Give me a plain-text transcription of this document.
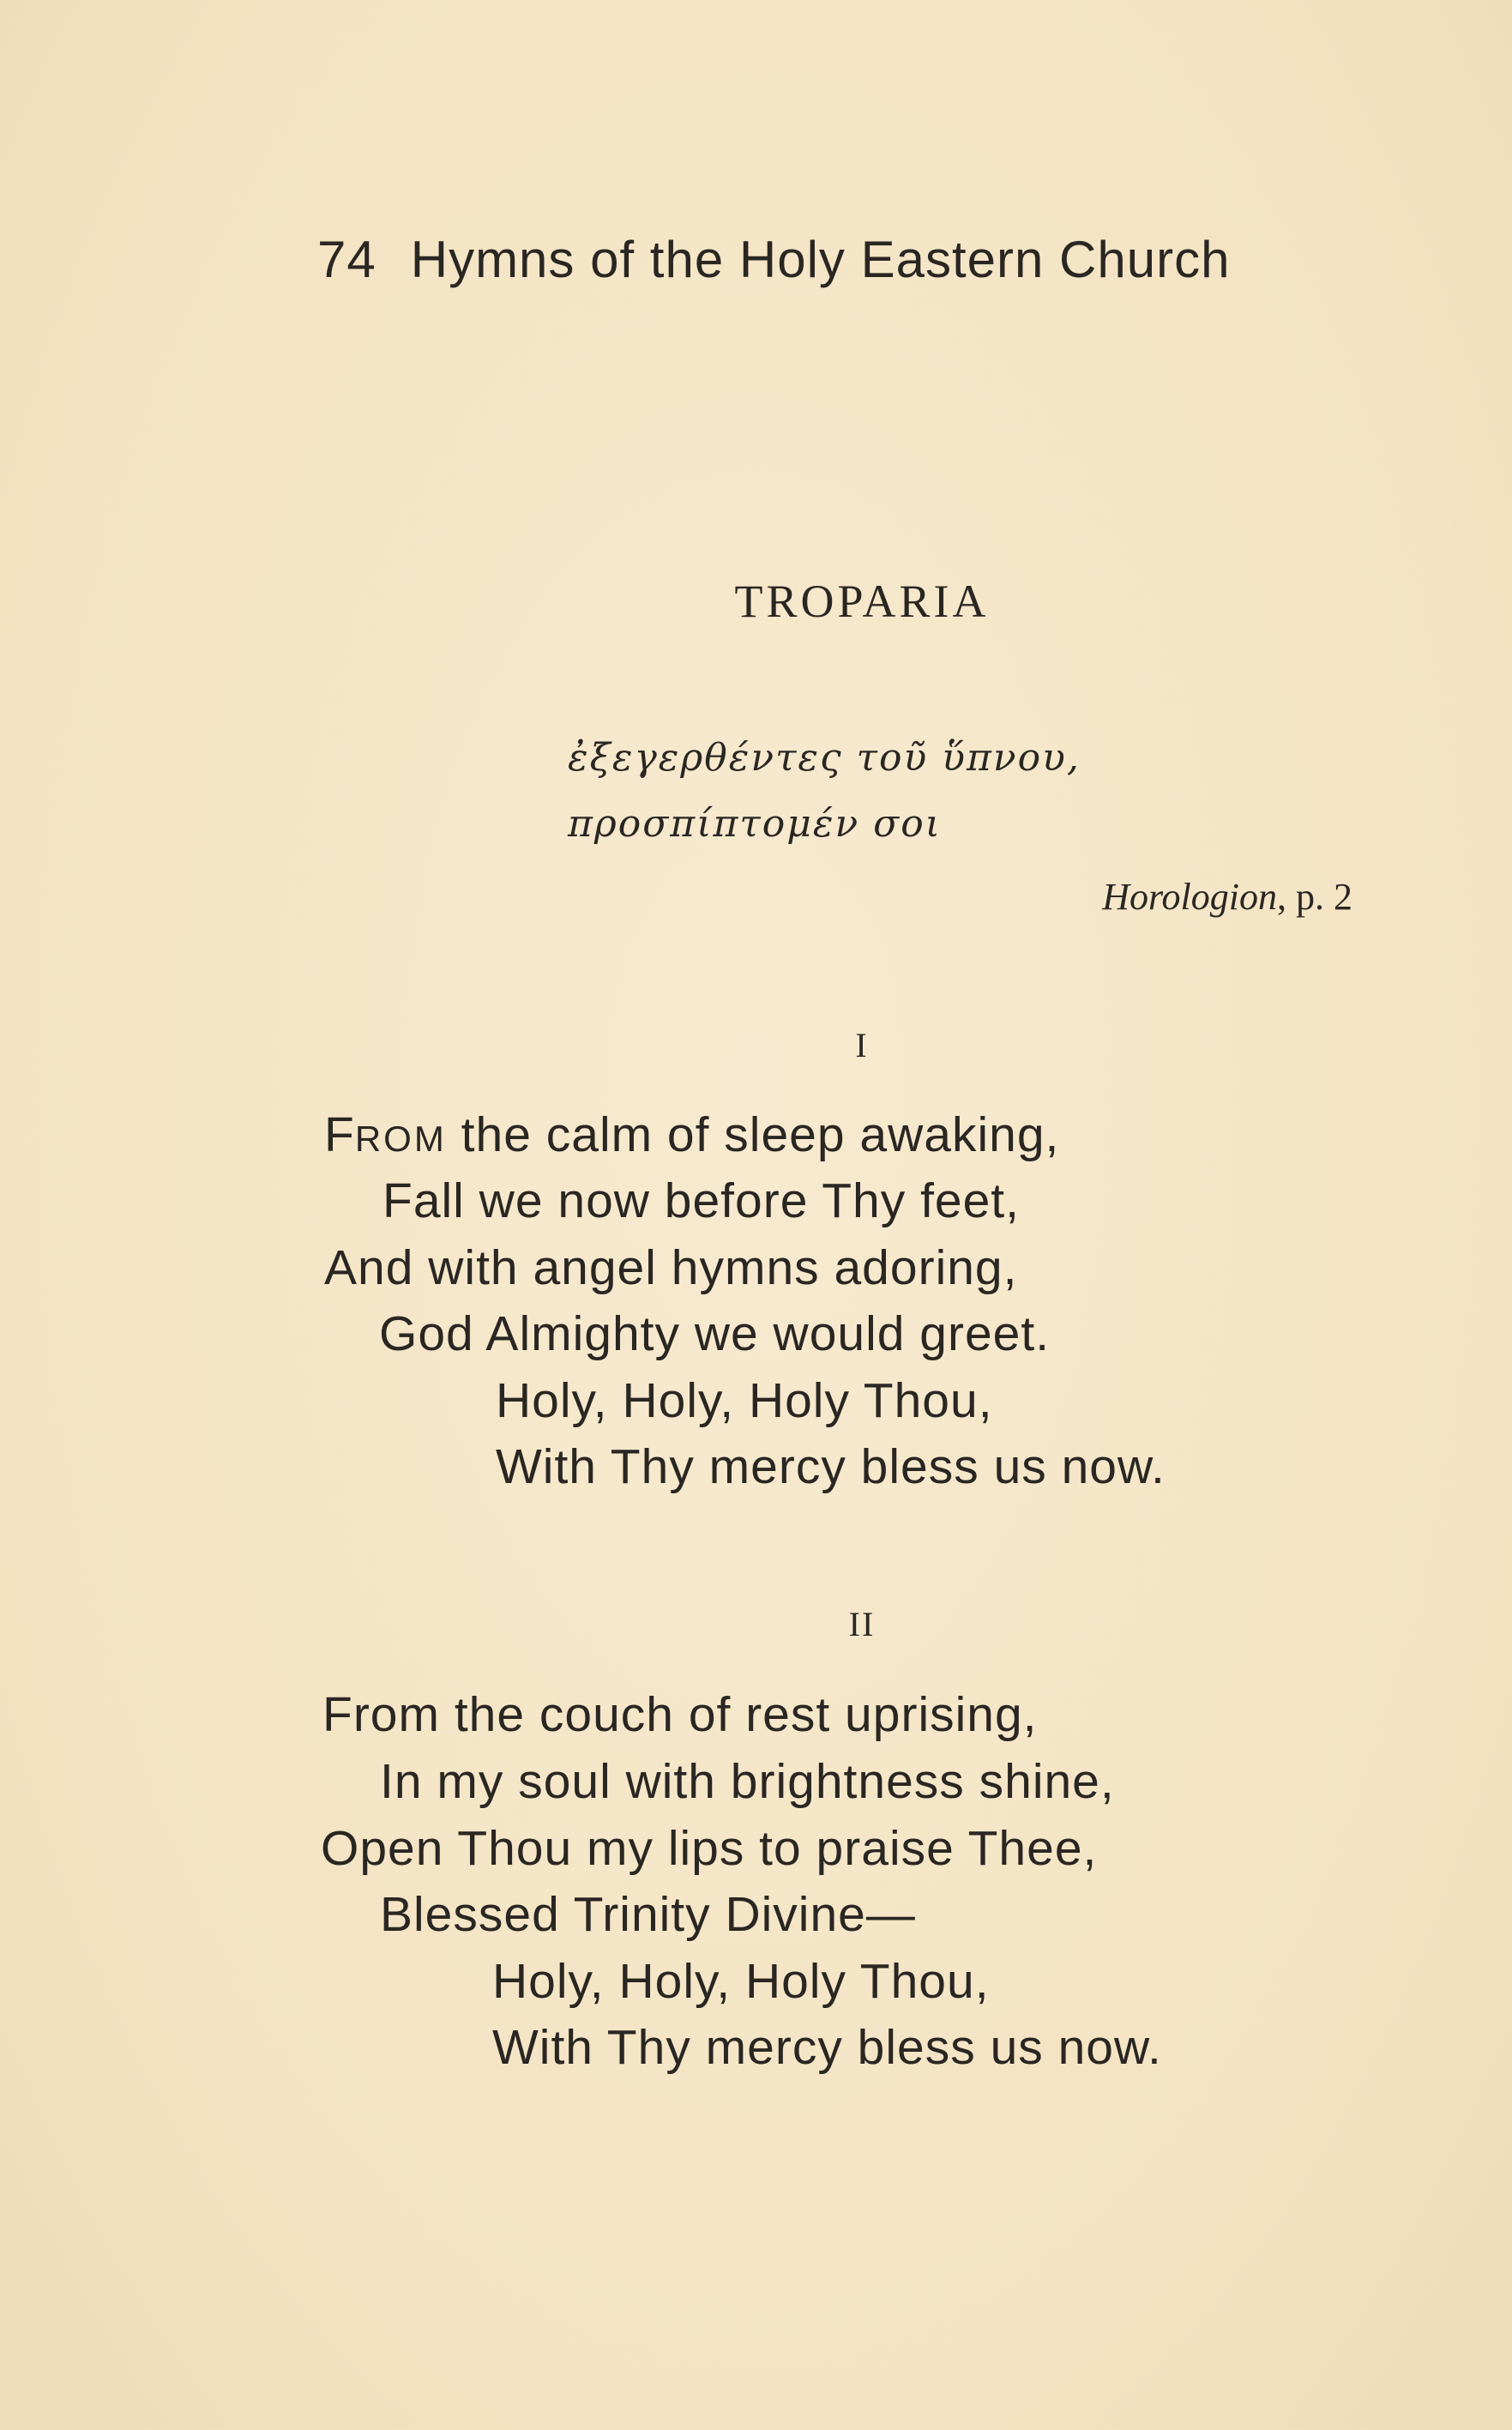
74 Hymns of the Holy Eastern Church
TROPARIA
ἐξεγερθέντες τοῦ ὕπνου,
προσπίπτομέν σοι
Horologion, p. 2
I
FROM the calm of sleep awaking,
Fall we now before Thy feet,
And with angel hymns adoring,
God Almighty we would greet.
Holy, Holy, Holy Thou,
With Thy mercy bless us now.
II
From the couch of rest uprising,
In my soul with brightness shine,
Open Thou my lips to praise Thee,
Blessed Trinity Divine—
Holy, Holy, Holy Thou,
With Thy mercy bless us now.
